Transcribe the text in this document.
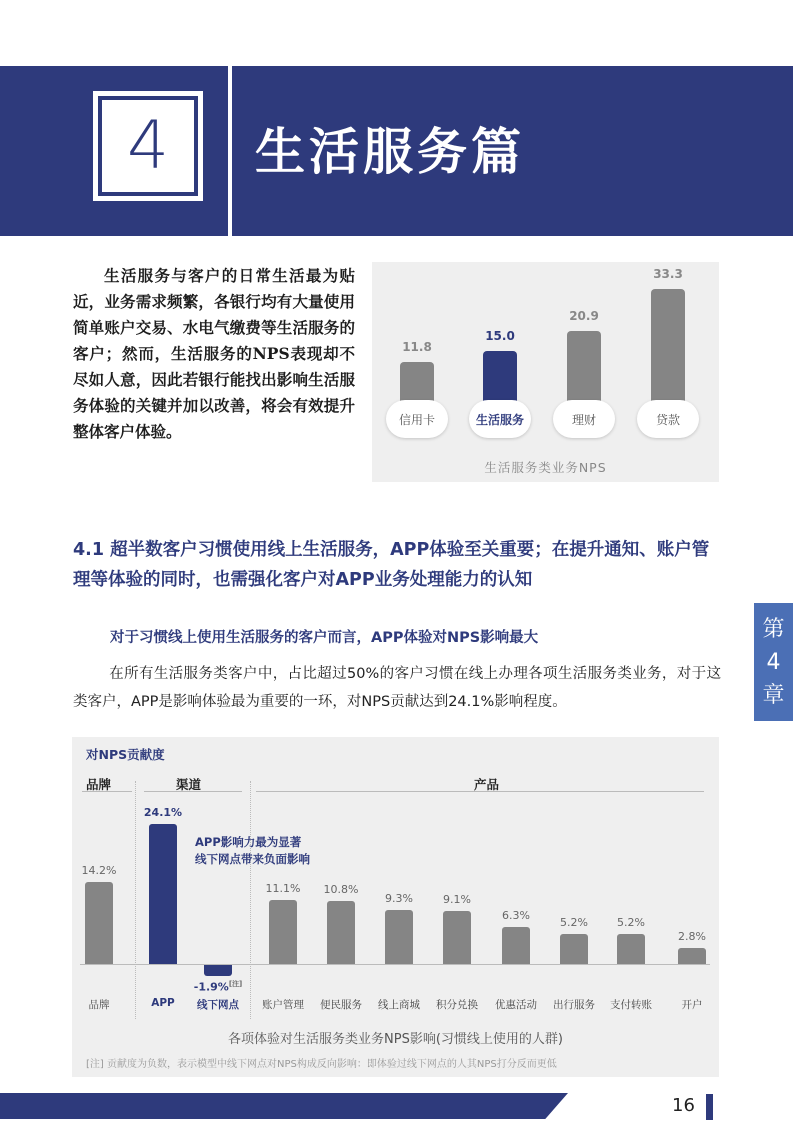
4 生活服务篇

生活服务与客户的日常生活最为贴近，业务需求频繁，各银行均有大量使用简单账户交易、水电气缴费等生活服务的客户；然而，生活服务的NPS表现却不尽如人意，因此若银行能找出影响生活服务体验的关键并加以改善，将会有效提升整体客户体验。

11.8
信用卡
15.0
生活服务
20.9
理财
33.3
贷款
生活服务类业务NPS
4.1 超半数客户习惯使用线上生活服务，APP体验至关重要；在提升通知、账户管理等体验的同时，也需强化客户对APP业务处理能力的认知
对于习惯线上使用生活服务的客户而言，APP体验对NPS影响最大

在所有生活服务类客户中，占比超过50%的客户习惯在线上办理各项生活服务类业务，对于这类客户，APP是影响体验最为重要的一环，对NPS贡献达到24.1%影响程度。

第
4
章
对NPS贡献度
品牌	渠道	产品
14.2%
品牌
24.1%
APP
-1.9%[注]
线下网点
11.1%
账户管理
10.8%
便民服务
9.3%
线上商城
9.1%
积分兑换
6.3%
优惠活动
5.2%
出行服务
5.2%
支付转账
2.8%
开户
APP影响力最为显著
线下网点带来负面影响
各项体验对生活服务类业务NPS影响(习惯线上使用的人群)
[注] 贡献度为负数，表示模型中线下网点对NPS构成反向影响：即体验过线下网点的人其NPS打分反而更低
16
